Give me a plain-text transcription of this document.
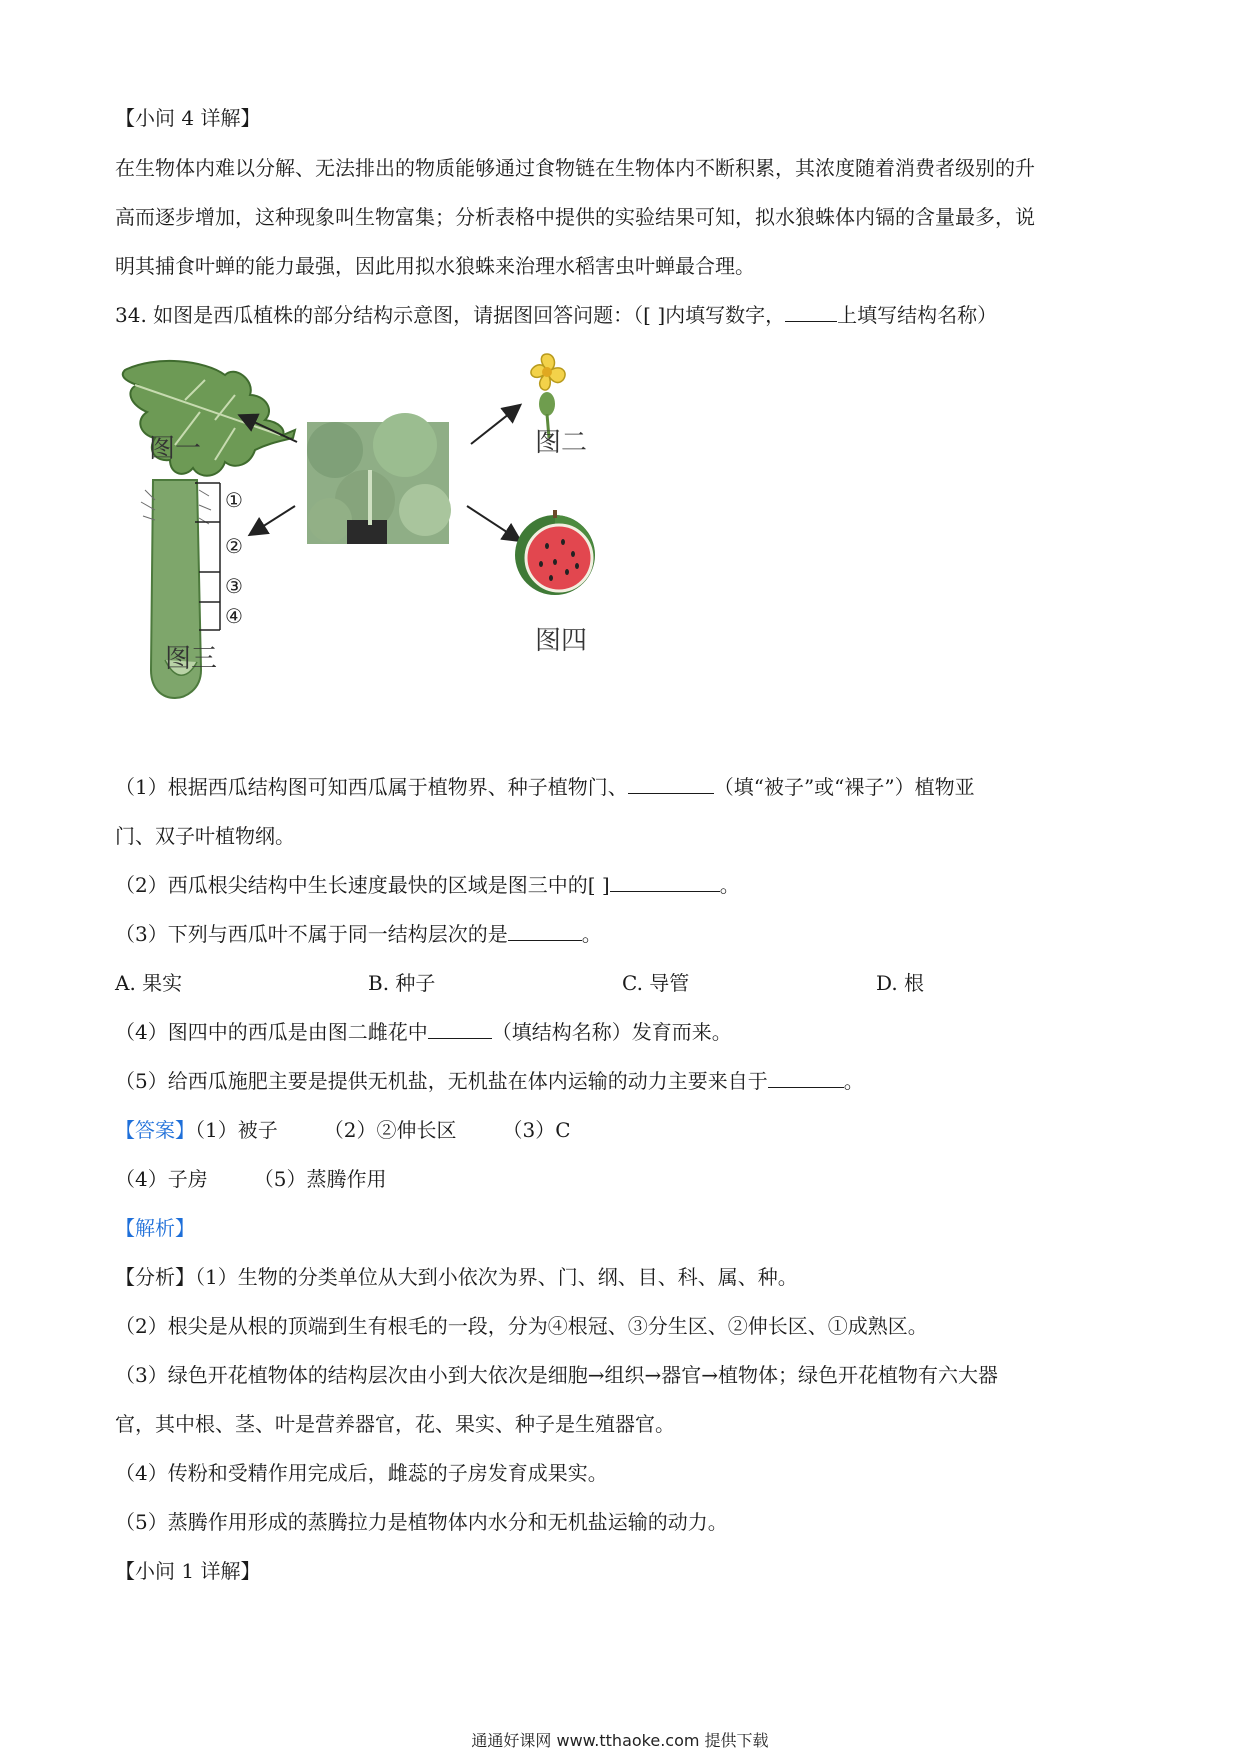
【小问 4 详解】
在生物体内难以分解、无法排出的物质能够通过食物链在生物体内不断积累，其浓度随着消费者级别的升
高而逐步增加，这种现象叫生物富集；分析表格中提供的实验结果可知，拟水狼蛛体内镉的含量最多，说
明其捕食叶蝉的能力最强，因此用拟水狼蛛来治理水稻害虫叶蝉最合理。
34. 如图是西瓜植株的部分结构示意图，请据图回答问题：（[ ]内填写数字，	上填写结构名称）
图一	图二
图三
图四
①
②
③
④
（1）根据西瓜结构图可知西瓜属于植物界、种子植物门、	（填“被子”或“裸子”）植物亚
门、双子叶植物纲。
（2）西瓜根尖结构中生长速度最快的区域是图三中的[ ]	。
（3）下列与西瓜叶不属于同一结构层次的是	。
A. 果实	B. 种子	C. 导管	D. 根
（4）图四中的西瓜是由图二雌花中	（填结构名称）发育而来。
（5）给西瓜施肥主要是提供无机盐，无机盐在体内运输的动力主要来自于	。
【答案】（1）被子 （2）②伸长区 （3）C
（4）子房 （5）蒸腾作用
【解析】
【分析】（1）生物的分类单位从大到小依次为界、门、纲、目、科、属、种。
（2）根尖是从根的顶端到生有根毛的一段，分为④根冠、③分生区、②伸长区、①成熟区。
（3）绿色开花植物体的结构层次由小到大依次是细胞→组织→器官→植物体；绿色开花植物有六大器
官，其中根、茎、叶是营养器官，花、果实、种子是生殖器官。
（4）传粉和受精作用完成后，雌蕊的子房发育成果实。
（5）蒸腾作用形成的蒸腾拉力是植物体内水分和无机盐运输的动力。
【小问 1 详解】
通通好课网 www.tthaoke.com 提供下载
